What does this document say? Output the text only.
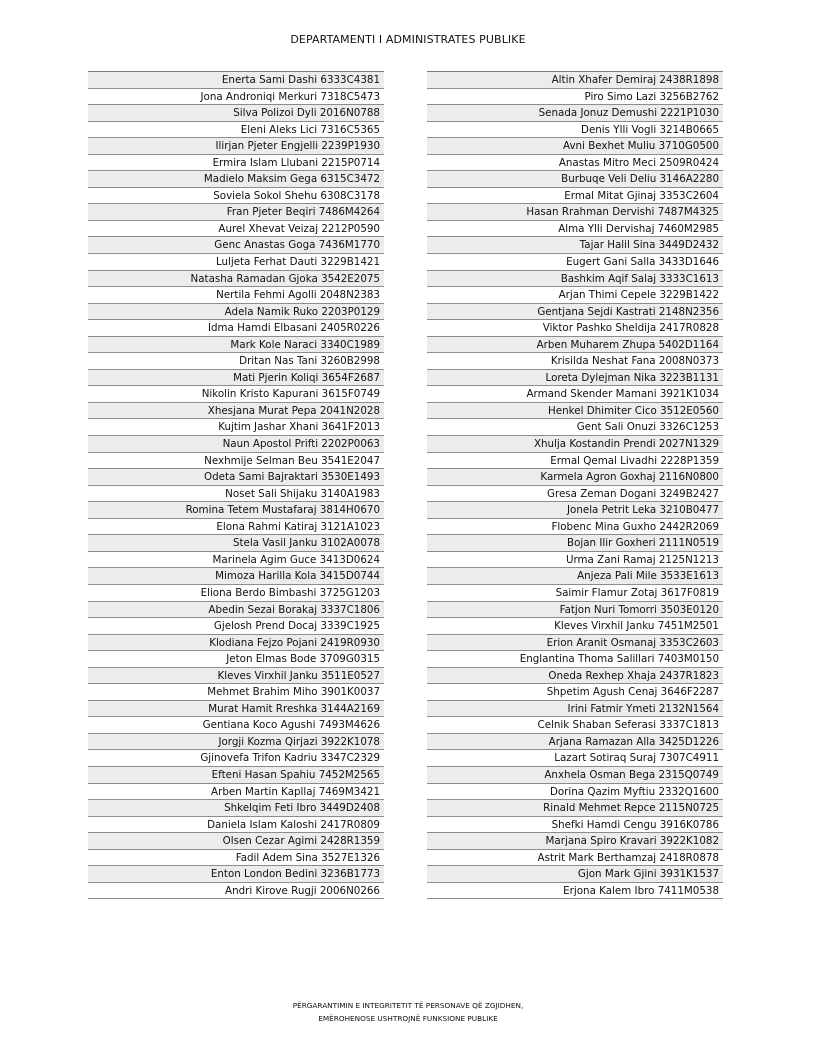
DEPARTAMENTI I ADMINISTRATES PUBLIKE
Enerta Sami Dashi 6333C4381
Jona Androniqi Merkuri 7318C5473
Silva Polizoi Dyli 2016N0788
Eleni Aleks Lici 7316C5365
Ilirjan Pjeter Engjelli 2239P1930
Ermira Islam Llubani 2215P0714
Madielo Maksim Gega 6315C3472
Soviela Sokol Shehu 6308C3178
Fran Pjeter Beqiri 7486M4264
Aurel Xhevat Veizaj 2212P0590
Genc Anastas Goga 7436M1770
Luljeta Ferhat Dauti 3229B1421
Natasha Ramadan Gjoka 3542E2075
Nertila Fehmi Agolli 2048N2383
Adela Namik Ruko 2203P0129
Idma Hamdi Elbasani 2405R0226
Mark Kole Naraci 3340C1989
Dritan Nas Tani 3260B2998
Mati Pjerin Koliqi 3654F2687
Nikolin Kristo Kapurani 3615F0749
Xhesjana Murat Pepa 2041N2028
Kujtim Jashar Xhani 3641F2013
Naun Apostol Prifti 2202P0063
Nexhmije Selman Beu 3541E2047
Odeta Sami Bajraktari 3530E1493
Noset Sali Shijaku 3140A1983
Romina Tetem Mustafaraj 3814H0670
Elona Rahmi Katiraj 3121A1023
Stela Vasil Janku 3102A0078
Marinela Agim Guce 3413D0624
Mimoza Harilla Kola 3415D0744
Eliona Berdo Bimbashi 3725G1203
Abedin Sezai Borakaj 3337C1806
Gjelosh Prend Docaj 3339C1925
Klodiana Fejzo Pojani 2419R0930
Jeton Elmas Bode 3709G0315
Kleves Virxhil Janku 3511E0527
Mehmet Brahim Miho 3901K0037
Murat Hamit Rreshka 3144A2169
Gentiana Koco Agushi 7493M4626
Jorgji Kozma Qirjazi 3922K1078
Gjinovefa Trifon Kadriu 3347C2329
Efteni Hasan Spahiu 7452M2565
Arben Martin Kapllaj 7469M3421
Shkelqim Feti Ibro 3449D2408
Daniela Islam Kaloshi 2417R0809
Olsen Cezar Agimi 2428R1359
Fadil Adem Sina 3527E1326
Enton London Bedini 3236B1773
Andri Kirove Rugji 2006N0266
Altin Xhafer Demiraj 2438R1898
Piro Simo Lazi 3256B2762
Senada Jonuz Demushi 2221P1030
Denis Ylli Vogli 3214B0665
Avni Bexhet Muliu 3710G0500
Anastas Mitro Meci 2509R0424
Burbuqe Veli Deliu 3146A2280
Ermal Mitat Gjinaj 3353C2604
Hasan Rrahman Dervishi 7487M4325
Alma Ylli Dervishaj 7460M2985
Tajar Halil Sina 3449D2432
Eugert Gani Salla 3433D1646
Bashkim Aqif Salaj 3333C1613
Arjan Thimi Cepele 3229B1422
Gentjana Sejdi Kastrati 2148N2356
Viktor Pashko Sheldija 2417R0828
Arben Muharem Zhupa 5402D1164
Krisilda Neshat Fana 2008N0373
Loreta Dylejman Nika 3223B1131
Armand Skender Mamani 3921K1034
Henkel Dhimiter Cico 3512E0560
Gent Sali Onuzi 3326C1253
Xhulja Kostandin Prendi 2027N1329
Ermal Qemal Livadhi 2228P1359
Karmela Agron Goxhaj 2116N0800
Gresa Zeman Dogani 3249B2427
Jonela Petrit Leka 3210B0477
Flobenc Mina Guxho 2442R2069
Bojan Ilir Goxheri 2111N0519
Urma Zani Ramaj 2125N1213
Anjeza Pali Mile 3533E1613
Saimir Flamur Zotaj 3617F0819
Fatjon Nuri Tomorri 3503E0120
Kleves Virxhil Janku 7451M2501
Erion Aranit Osmanaj 3353C2603
Englantina Thoma Salillari 7403M0150
Oneda Rexhep Xhaja 2437R1823
Shpetim Agush Cenaj 3646F2287
Irini Fatmir Ymeti 2132N1564
Celnik Shaban Seferasi 3337C1813
Arjana Ramazan Alla 3425D1226
Lazart Sotiraq Suraj 7307C4911
Anxhela Osman Bega 2315Q0749
Dorina Qazim Myftiu 2332Q1600
Rinald Mehmet Repce 2115N0725
Shefki Hamdi Cengu 3916K0786
Marjana Spiro Kravari 3922K1082
Astrit Mark Berthamzaj 2418R0878
Gjon Mark Gjini 3931K1537
Erjona Kalem Ibro 7411M0538
PËRGARANTIMIN E INTEGRITETIT TË PERSONAVE QË ZGJIDHEN,
EMËROHENOSE USHTROJNË FUNKSIONE PUBLIKE
